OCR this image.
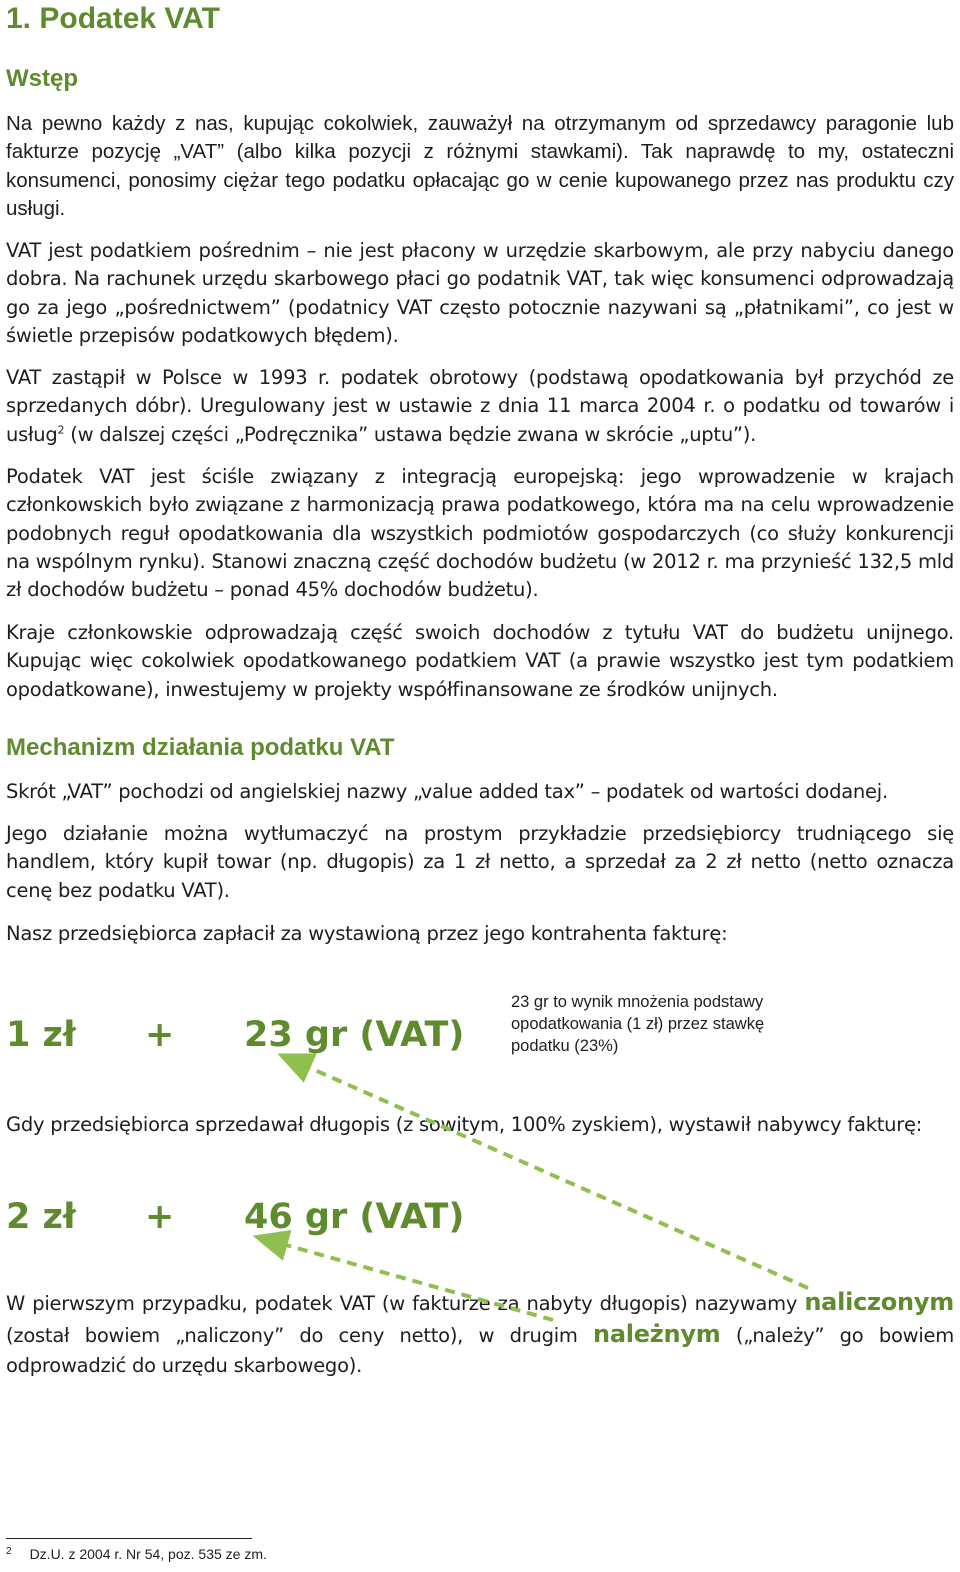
1. Podatek VAT
Wstęp

Na pewno każdy z nas, kupując cokolwiek, zauważył na otrzymanym od sprzedawcy paragonie lub fakturze pozycję „VAT” (albo kilka pozycji z różnymi stawkami). Tak naprawdę to my, ostateczni konsumenci, ponosimy ciężar tego podatku opłacając go w cenie kupowanego przez nas produktu czy usługi.

VAT jest podatkiem pośrednim – nie jest płacony w urzędzie skarbowym, ale przy nabyciu danego dobra. Na rachunek urzędu skarbowego płaci go podatnik VAT, tak więc konsumenci odprowadzają go za jego „pośrednictwem” (podatnicy VAT często potocznie nazywani są „płatnikami”, co jest w świetle przepisów podatkowych błędem).

VAT zastąpił w Polsce w 1993 r. podatek obrotowy (podstawą opodatkowania był przychód ze sprzedanych dóbr). Uregulowany jest w ustawie z dnia 11 marca 2004 r. o podatku od towarów i usług$^2$ (w dalszej części „Podręcznika” ustawa będzie zwana w skrócie „uptu”).

Podatek VAT jest ściśle związany z integracją europejską: jego wprowadzenie w krajach członkowskich było związane z harmonizacją prawa podatkowego, która ma na celu wprowadzenie podobnych reguł opodatkowania dla wszystkich podmiotów gospodarczych (co służy konkurencji na wspólnym rynku). Stanowi znaczną część dochodów budżetu (w 2012 r. ma przynieść 132,5 mld zł dochodów budżetu – ponad 45% dochodów budżetu).

Kraje członkowskie odprowadzają część swoich dochodów z tytułu VAT do budżetu unijnego. Kupując więc cokolwiek opodatkowanego podatkiem VAT (a prawie wszystko jest tym podatkiem opodatkowane), inwestujemy w projekty współfinansowane ze środków unijnych.

Mechanizm działania podatku VAT

Skrót „VAT” pochodzi od angielskiej nazwy „value added tax” – podatek od wartości dodanej.

Jego działanie można wytłumaczyć na prostym przykładzie przedsiębiorcy trudniącego się handlem, który kupił towar (np. długopis) za 1 zł netto, a sprzedał za 2 zł netto (netto oznacza cenę bez podatku VAT).

Nasz przedsiębiorca zapłacił za wystawioną przez jego kontrahenta fakturę:

1 zł + 23 gr (VAT)
23 gr to wynik mnożenia podstawy opodatkowania (1 zł) przez stawkę podatku (23%)

Gdy przedsiębiorca sprzedawał długopis (z sowitym, 100% zyskiem), wystawił nabywcy fakturę:

2 zł + 46 gr (VAT)

W pierwszym przypadku, podatek VAT (w fakturze za nabyty długopis) nazywamy naliczonym (został bowiem „naliczony” do ceny netto), w drugim należnym („należy” go bowiem odprowadzić do urzędu skarbowego).

$^2$ Dz.U. z 2004 r. Nr 54, poz. 535 ze zm.
